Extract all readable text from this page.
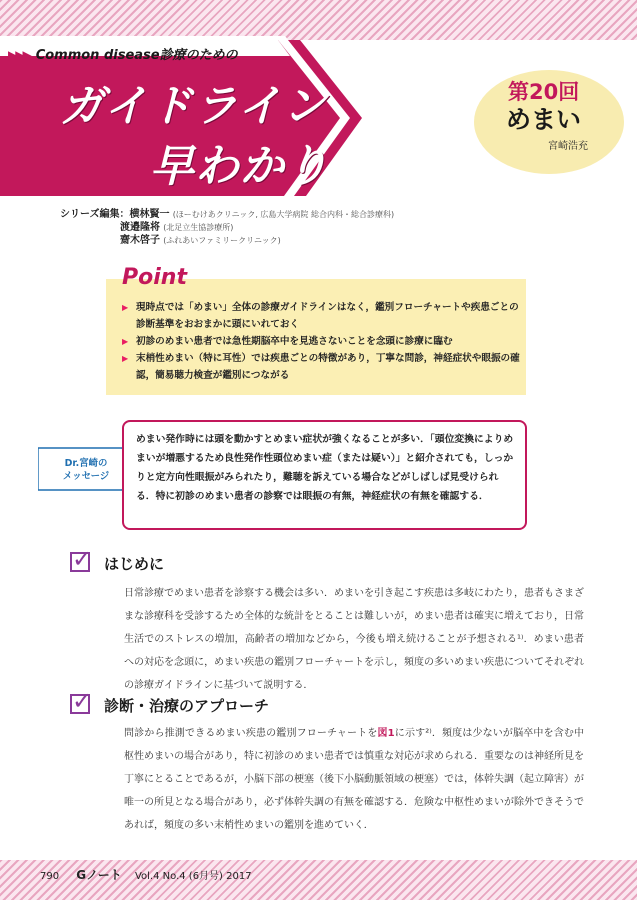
▶▶▶ Common disease診療のための
ガイドライン
早わかり
第20回
めまい
宮崎浩充
シリーズ編集：横林賢一 (ほーむけあクリニック, 広島大学病院 総合内科・総合診療科)
渡邉隆将 (北足立生協診療所)
齋木啓子 (ふれあいファミリークリニック)
Point
▶ 現時点では「めまい」全体の診療ガイドラインはなく，鑑別フローチャートや疾患ごとの診断基準をおおまかに頭にいれておく
▶ 初診のめまい患者では急性期脳卒中を見逃さないことを念頭に診療に臨む
▶ 末梢性めまい（特に耳性）では疾患ごとの特徴があり，丁寧な問診，神経症状や眼振の確認，簡易聴力検査が鑑別につながる
Dr.宮崎の
メッセージ
めまい発作時には頭を動かすとめまい症状が強くなることが多い．「頭位変換によりめまいが増悪するため良性発作性頭位めまい症（または疑い）」と紹介されても，しっかりと定方向性眼振がみられたり，難聴を訴えている場合などがしばしば見受けられる．特に初診のめまい患者の診察では眼振の有無，神経症状の有無を確認する．
✓
はじめに
日常診療でめまい患者を診察する機会は多い．めまいを引き起こす疾患は多岐にわたり，患者もさまざまな診療科を受診するため全体的な統計をとることは難しいが，めまい患者は確実に増えており，日常生活でのストレスの増加，高齢者の増加などから，今後も増え続けることが予想される¹⁾．めまい患者への対応を念頭に，めまい疾患の鑑別フローチャートを示し，頻度の多いめまい疾患についてそれぞれの診療ガイドラインに基づいて説明する．
✓
診断・治療のアプローチ
問診から推測できるめまい疾患の鑑別フローチャートを図1に示す²⁾．頻度は少ないが脳卒中を含む中枢性めまいの場合があり，特に初診のめまい患者では慎重な対応が求められる．重要なのは神経所見を丁寧にとることであるが，小脳下部の梗塞（後下小脳動脈領域の梗塞）では，体幹失調（起立障害）が唯一の所見となる場合があり，必ず体幹失調の有無を確認する．危険な中枢性めまいが除外できそうであれば，頻度の多い末梢性めまいの鑑別を進めていく．
790 Gノート Vol.4 No.4 (6月号) 2017
